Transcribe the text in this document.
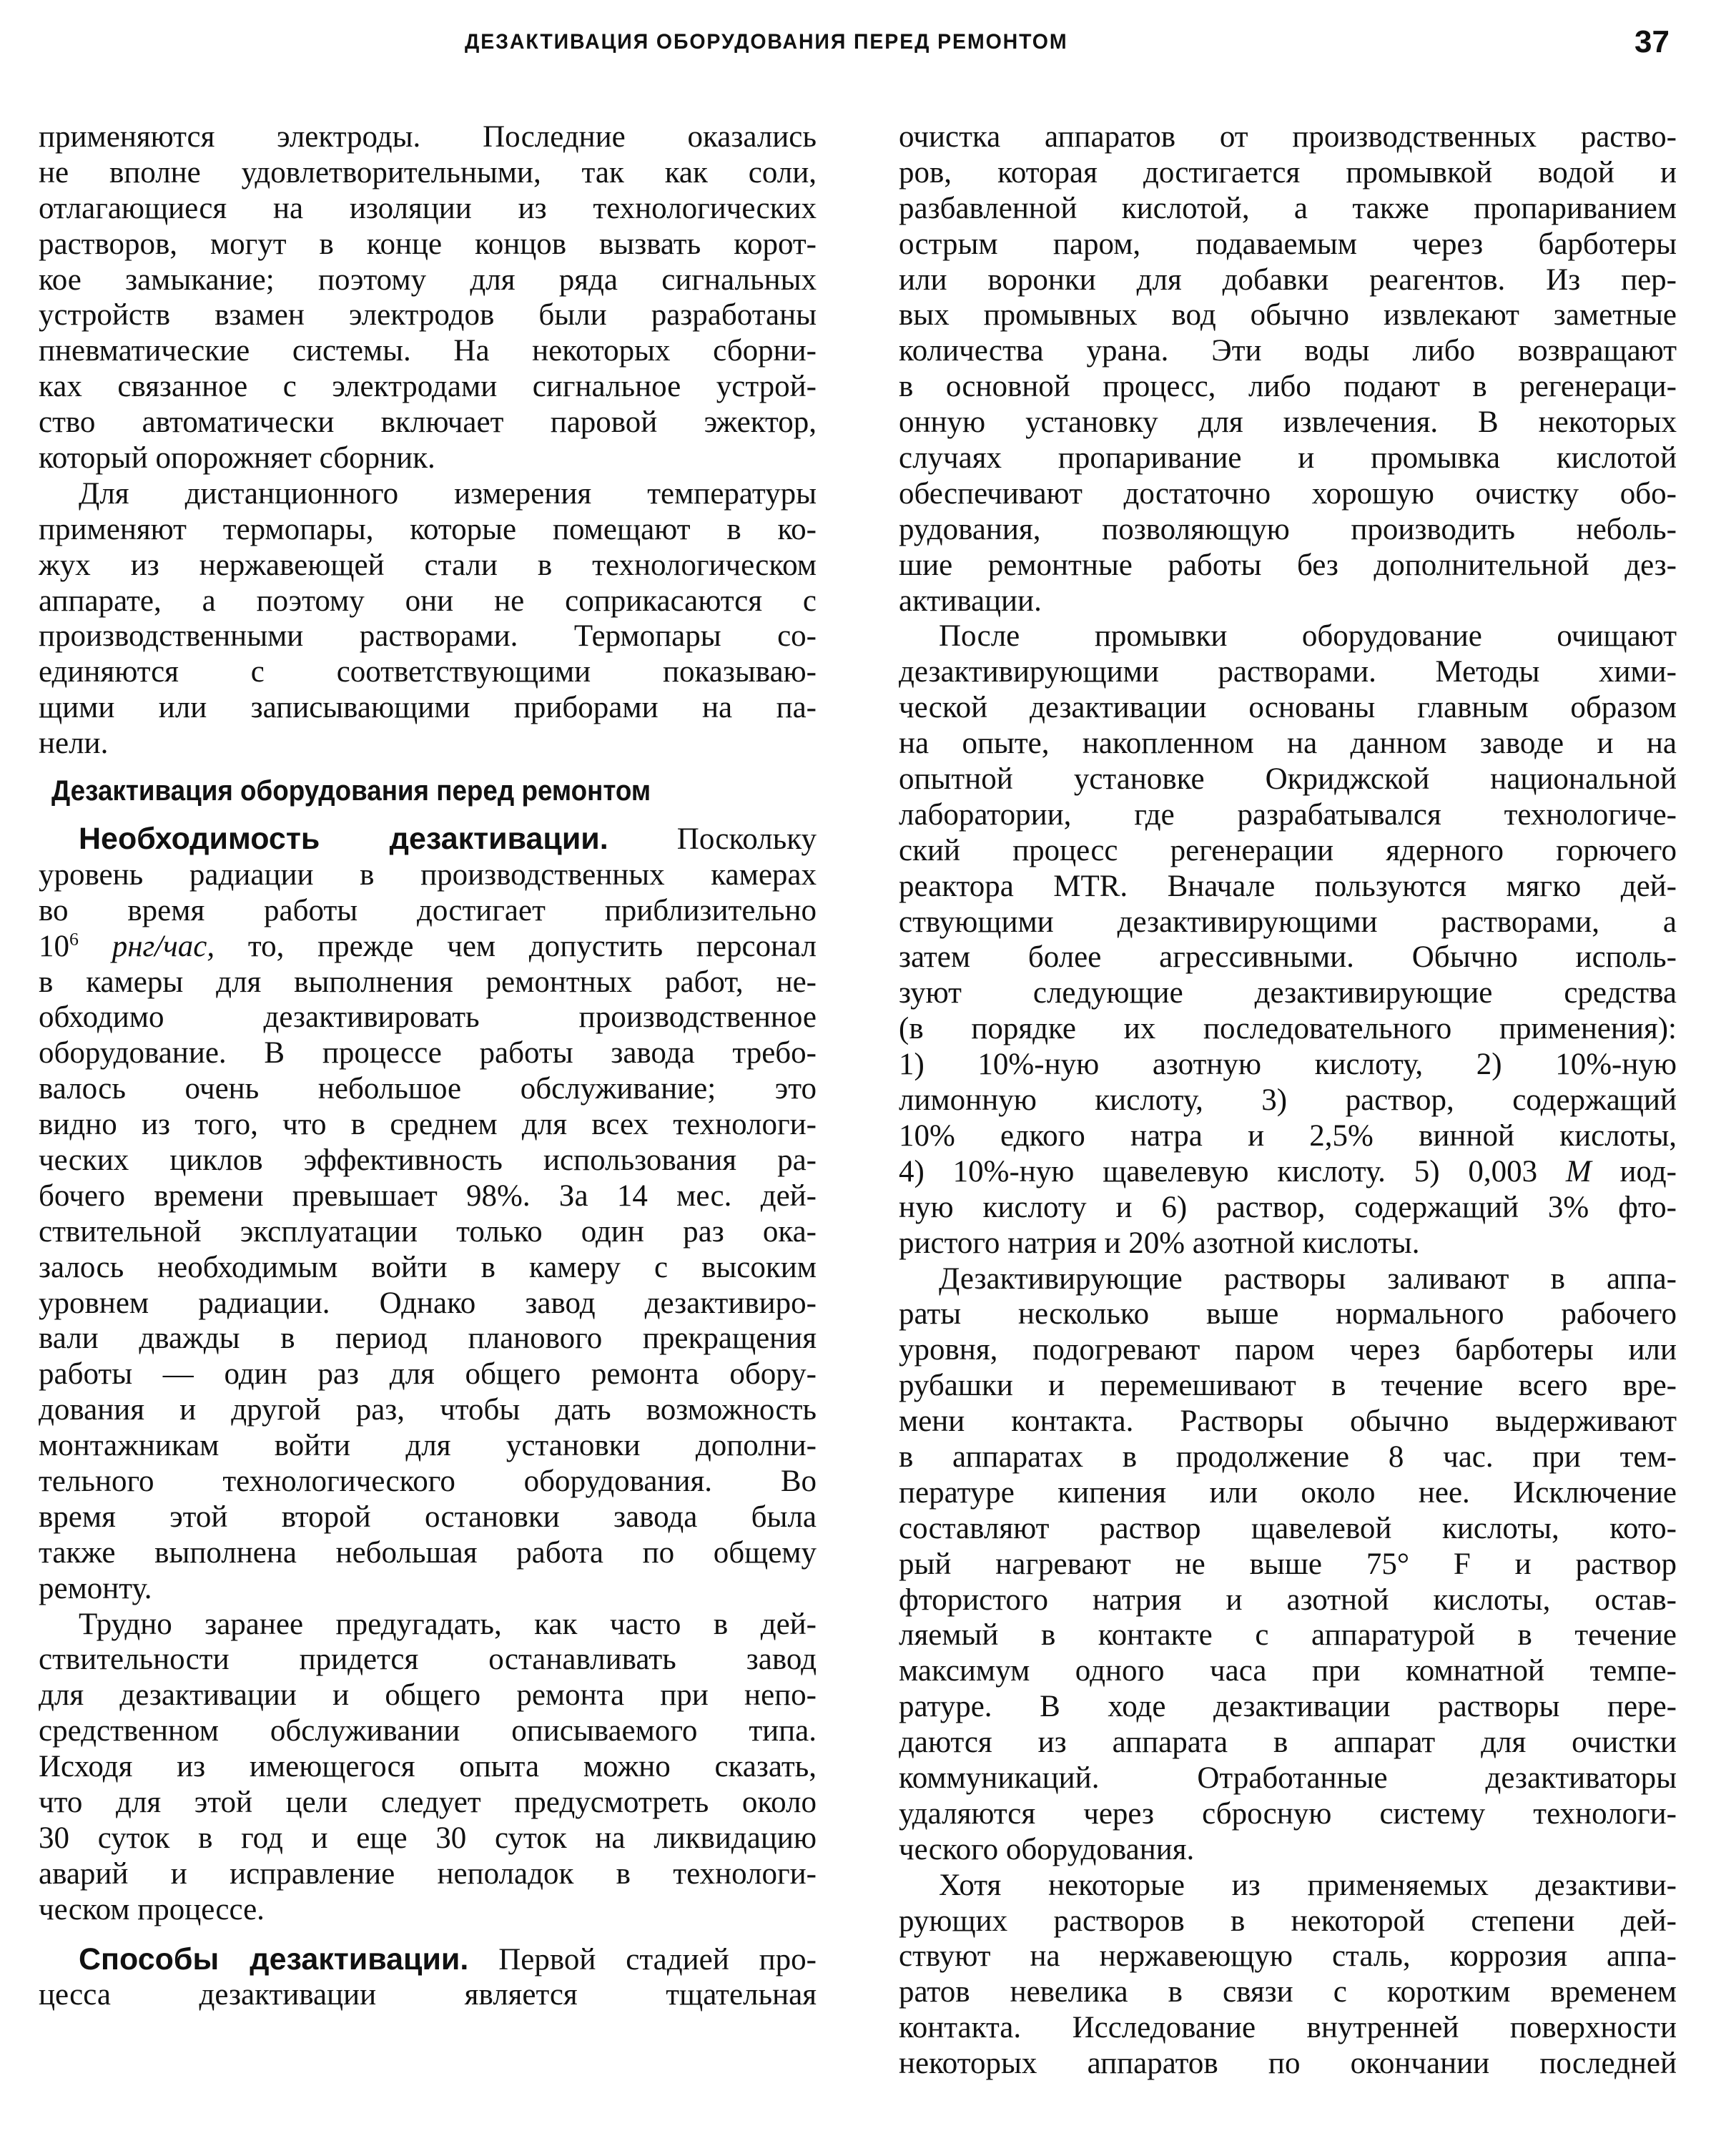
ДЕЗАКТИВАЦИЯ ОБОРУДОВАНИЯ ПЕРЕД РЕМОНТОМ	37
применяются электроды. Последние оказались
не вполне удовлетворительными, так как соли,
отлагающиеся на изоляции из технологических
растворов, могут в конце концов вызвать корот-
кое замыкание; поэтому для ряда сигнальных
устройств взамен электродов были разработаны
пневматические системы. На некоторых сборни-
ках связанное с электродами сигнальное устрой-
ство автоматически включает паровой эжектор,
который опорожняет сборник.
Для дистанционного измерения температуры
применяют термопары, которые помещают в ко-
жух из нержавеющей стали в технологическом
аппарате, а поэтому они не соприкасаются с
производственными растворами. Термопары со-
единяются с соответствующими показываю-
щими или записывающими приборами на па-
нели.
Дезактивация оборудования перед ремонтом
Необходимость дезактивации. Поскольку
уровень радиации в производственных камерах
во время работы достигает приблизительно
$10^6$ рнг/час, то, прежде чем допустить персонал
в камеры для выполнения ремонтных работ, не-
обходимо дезактивировать производственное
оборудование. В процессе работы завода требо-
валось очень небольшое обслуживание; это
видно из того, что в среднем для всех технологи-
ческих циклов эффективность использования ра-
бочего времени превышает 98%. За 14 мес. дей-
ствительной эксплуатации только один раз ока-
залось необходимым войти в камеру с высоким
уровнем радиации. Однако завод дезактивиро-
вали дважды в период планового прекращения
работы — один раз для общего ремонта обору-
дования и другой раз, чтобы дать возможность
монтажникам войти для установки дополни-
тельного технологического оборудования. Во
время этой второй остановки завода была
также выполнена небольшая работа по общему
ремонту.
Трудно заранее предугадать, как часто в дей-
ствительности придется останавливать завод
для дезактивации и общего ремонта при непо-
средственном обслуживании описываемого типа.
Исходя из имеющегося опыта можно сказать,
что для этой цели следует предусмотреть около
30 суток в год и еще 30 суток на ликвидацию
аварий и исправление неполадок в технологи-
ческом процессе.
Способы дезактивации. Первой стадией про-
цесса дезактивации является тщательная
очистка аппаратов от производственных раство-
ров, которая достигается промывкой водой и
разбавленной кислотой, а также пропариванием
острым паром, подаваемым через барботеры
или воронки для добавки реагентов. Из пер-
вых промывных вод обычно извлекают заметные
количества урана. Эти воды либо возвращают
в основной процесс, либо подают в регенераци-
онную установку для извлечения. В некоторых
случаях пропаривание и промывка кислотой
обеспечивают достаточно хорошую очистку обо-
рудования, позволяющую производить неболь-
шие ремонтные работы без дополнительной дез-
активации.
После промывки оборудование очищают
дезактивирующими растворами. Методы хими-
ческой дезактивации основаны главным образом
на опыте, накопленном на данном заводе и на
опытной установке Окриджской национальной
лаборатории, где разрабатывался технологиче-
ский процесс регенерации ядерного горючего
реактора MTR. Вначале пользуются мягко дей-
ствующими дезактивирующими растворами, а
затем более агрессивными. Обычно исполь-
зуют следующие дезактивирующие средства
(в порядке их последовательного применения):
1) 10%-ную азотную кислоту, 2) 10%-ную
лимонную кислоту, 3) раствор, содержащий
10% едкого натра и 2,5% винной кислоты,
4) 10%-ную щавелевую кислоту. 5) 0,003 М иод-
ную кислоту и 6) раствор, содержащий 3% фто-
ристого натрия и 20% азотной кислоты.
Дезактивирующие растворы заливают в аппа-
раты несколько выше нормального рабочего
уровня, подогревают паром через барботеры или
рубашки и перемешивают в течение всего вре-
мени контакта. Растворы обычно выдерживают
в аппаратах в продолжение 8 час. при тем-
пературе кипения или около нее. Исключение
составляют раствор щавелевой кислоты, кото-
рый нагревают не выше 75° F и раствор
фтористого натрия и азотной кислоты, остав-
ляемый в контакте с аппаратурой в течение
максимум одного часа при комнатной темпе-
ратуре. В ходе дезактивации растворы пере-
даются из аппарата в аппарат для очистки
коммуникаций. Отработанные дезактиваторы
удаляются через сбросную систему технологи-
ческого оборудования.
Хотя некоторые из применяемых дезактиви-
рующих растворов в некоторой степени дей-
ствуют на нержавеющую сталь, коррозия аппа-
ратов невелика в связи с коротким временем
контакта. Исследование внутренней поверхности
некоторых аппаратов по окончании последней
